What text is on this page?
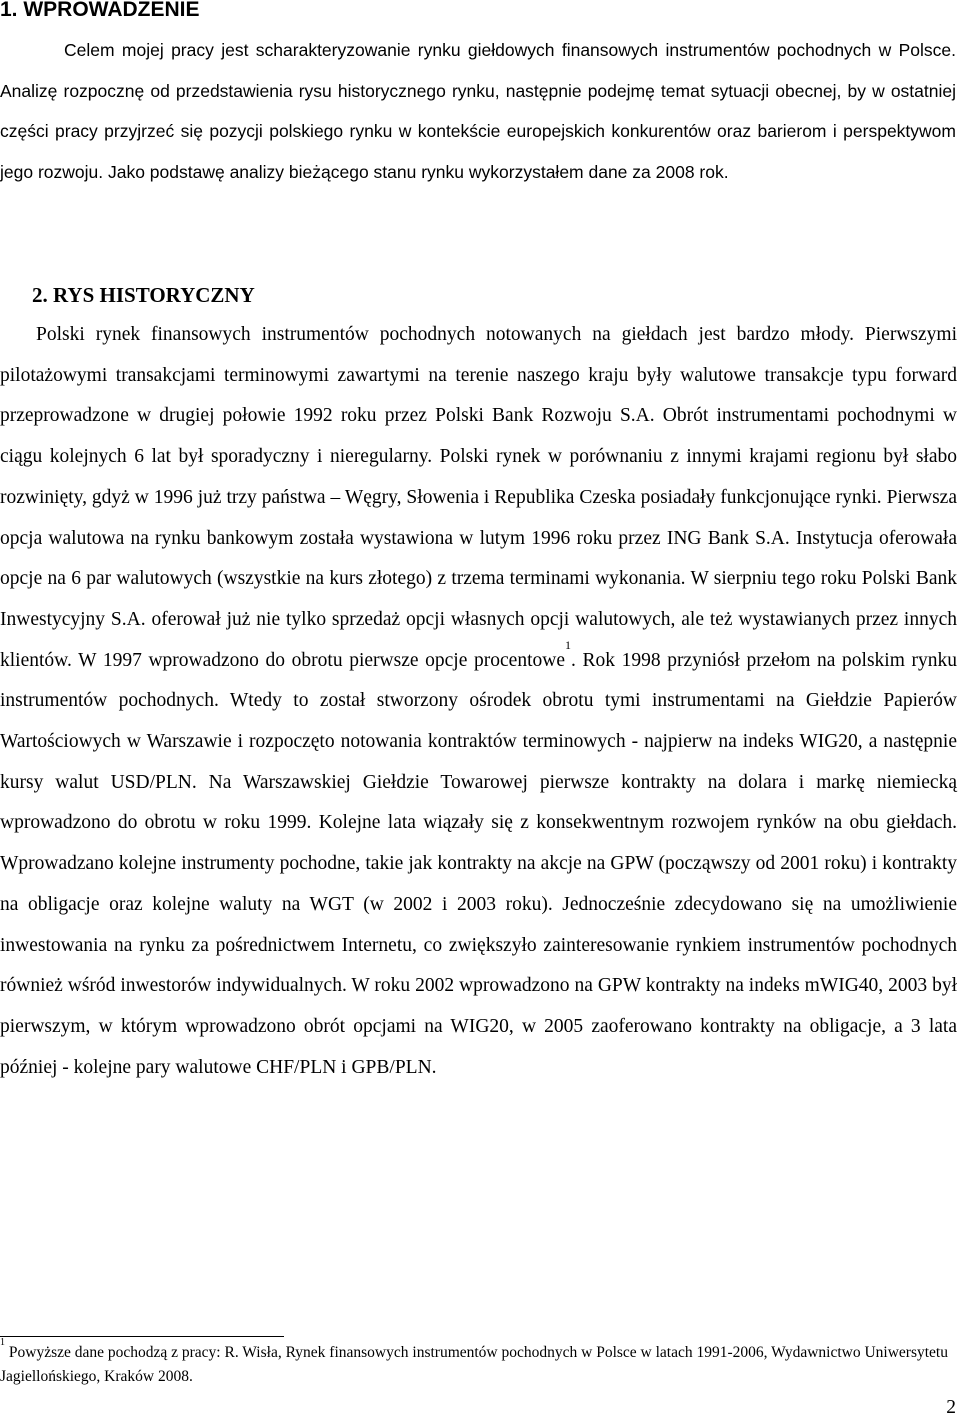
1. WPROWADZENIE

Celem mojej pracy jest scharakteryzowanie rynku giełdowych finansowych instrumentów pochodnych w Polsce. Analizę rozpocznę od przedstawienia rysu historycznego rynku, następnie podejmę temat sytuacji obecnej, by w ostatniej części pracy przyjrzeć się pozycji polskiego rynku w kontekście europejskich konkurentów oraz barierom i perspektywom jego rozwoju. Jako podstawę analizy bieżącego stanu rynku wykorzystałem dane za 2008 rok.

2. RYS HISTORYCZNY

Polski rynek finansowych instrumentów pochodnych notowanych na giełdach jest bardzo młody. Pierwszymi pilotażowymi transakcjami terminowymi zawartymi na terenie naszego kraju były walutowe transakcje typu forward przeprowadzone w drugiej połowie 1992 roku przez Polski Bank Rozwoju S.A. Obrót instrumentami pochodnymi w ciągu kolejnych 6 lat był sporadyczny i nieregularny. Polski rynek w porównaniu z innymi krajami regionu był słabo rozwinięty, gdyż w 1996 już trzy państwa – Węgry, Słowenia i Republika Czeska posiadały funkcjonujące rynki. Pierwsza opcja walutowa na rynku bankowym została wystawiona w lutym 1996 roku przez ING Bank S.A. Instytucja oferowała opcje na 6 par walutowych (wszystkie na kurs złotego) z trzema terminami wykonania. W sierpniu tego roku Polski Bank Inwestycyjny S.A. oferował już nie tylko sprzedaż opcji własnych opcji walutowych, ale też wystawianych przez innych klientów. W 1997 wprowadzono do obrotu pierwsze opcje procentowe$^1$. Rok 1998 przyniósł przełom na polskim rynku instrumentów pochodnych. Wtedy to został stworzony ośrodek obrotu tymi instrumentami na Giełdzie Papierów Wartościowych w Warszawie i rozpoczęto notowania kontraktów terminowych - najpierw na indeks WIG20, a następnie kursy walut USD/PLN. Na Warszawskiej Giełdzie Towarowej pierwsze kontrakty na dolara i markę niemiecką wprowadzono do obrotu w roku 1999. Kolejne lata wiązały się z konsekwentnym rozwojem rynków na obu giełdach. Wprowadzano kolejne instrumenty pochodne, takie jak kontrakty na akcje na GPW (począwszy od 2001 roku) i kontrakty na obligacje oraz kolejne waluty na WGT (w 2002 i 2003 roku). Jednocześnie zdecydowano się na umożliwienie inwestowania na rynku za pośrednictwem Internetu, co zwiększyło zainteresowanie rynkiem instrumentów pochodnych również wśród inwestorów indywidualnych. W roku 2002 wprowadzono na GPW kontrakty na indeks mWIG40, 2003 był pierwszym, w którym wprowadzono obrót opcjami na WIG20, w 2005 zaoferowano kontrakty na obligacje, a 3 lata później - kolejne pary walutowe CHF/PLN i GPB/PLN.

$^1$ Powyższe dane pochodzą z pracy: R. Wisła, Rynek finansowych instrumentów pochodnych w Polsce w latach 1991-2006, Wydawnictwo Uniwersytetu Jagiellońskiego, Kraków 2008.

2
